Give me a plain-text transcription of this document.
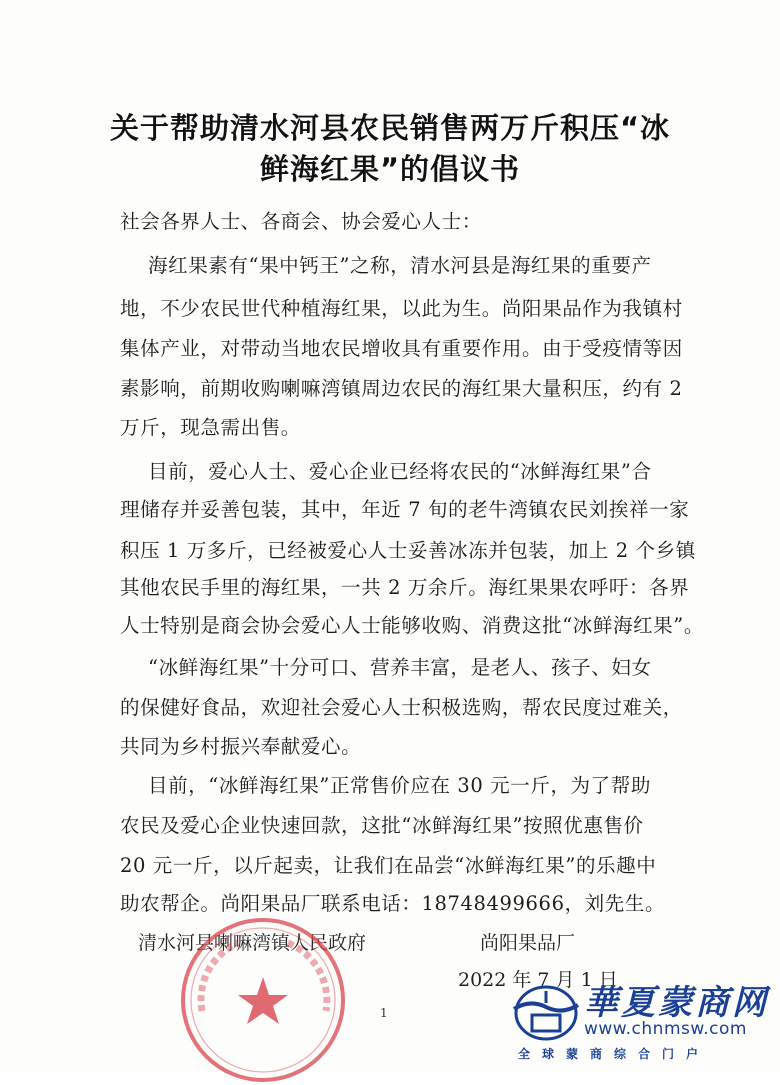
关于帮助清水河县农民销售两万斤积压“冰
鲜海红果”的倡议书
社会各界人士、各商会、协会爱心人士：
海红果素有“果中钙王”之称，清水河县是海红果的重要产
地，不少农民世代种植海红果，以此为生。尚阳果品作为我镇村
集体产业，对带动当地农民增收具有重要作用。由于受疫情等因
素影响，前期收购喇嘛湾镇周边农民的海红果大量积压，约有 2
万斤，现急需出售。
目前，爱心人士、爱心企业已经将农民的“冰鲜海红果”合
理储存并妥善包装，其中，年近 7 旬的老牛湾镇农民刘挨祥一家
积压 1 万多斤，已经被爱心人士妥善冰冻并包装，加上 2 个乡镇
其他农民手里的海红果，一共 2 万余斤。海红果果农呼吁：各界
人士特别是商会协会爱心人士能够收购、消费这批“冰鲜海红果”。
“冰鲜海红果”十分可口、营养丰富，是老人、孩子、妇女
的保健好食品，欢迎社会爱心人士积极选购，帮农民度过难关，
共同为乡村振兴奉献爱心。
目前，“冰鲜海红果”正常售价应在 30 元一斤，为了帮助
农民及爱心企业快速回款，这批“冰鲜海红果”按照优惠售价
20 元一斤，以斤起卖，让我们在品尝“冰鲜海红果”的乐趣中
助农帮企。尚阳果品厂联系电话：18748499666，刘先生。
清水河县喇嘛湾镇人民政府	尚阳果品厂
2022 年 7 月 1 日
1	華夏蒙商网
www.chnmsw.com
全球蒙商综合门户
